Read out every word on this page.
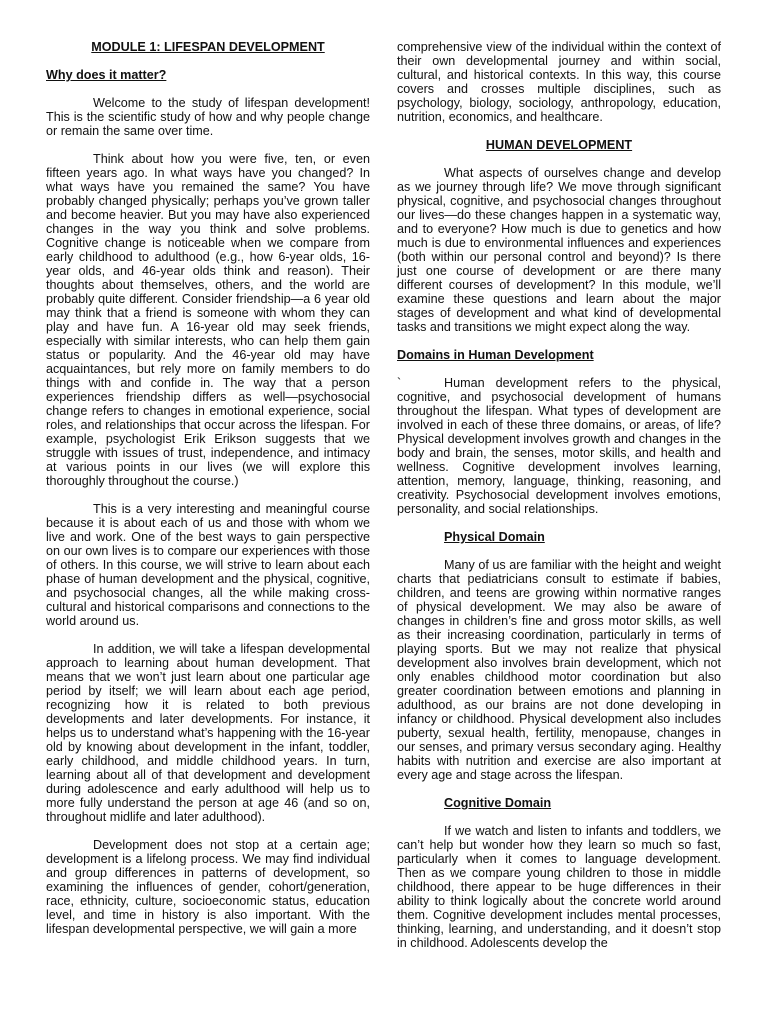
MODULE 1: LIFESPAN DEVELOPMENT
Why does it matter?

Welcome to the study of lifespan development! This is the scientific study of how and why people change or remain the same over time.

Think about how you were five, ten, or even fifteen years ago. In what ways have you changed? In what ways have you remained the same? You have probably changed physically; perhaps you’ve grown taller and become heavier. But you may have also experienced changes in the way you think and solve problems. Cognitive change is noticeable when we compare from early childhood to adulthood (e.g., how 6-year olds, 16-year olds, and 46-year olds think and reason). Their thoughts about themselves, others, and the world are probably quite different. Consider friendship—a 6 year old may think that a friend is someone with whom they can play and have fun. A 16-year old may seek friends, especially with similar interests, who can help them gain status or popularity. And the 46-year old may have acquaintances, but rely more on family members to do things with and confide in. The way that a person experiences friendship differs as well—psychosocial change refers to changes in emotional experience, social roles, and relationships that occur across the lifespan. For example, psychologist Erik Erikson suggests that we struggle with issues of trust, independence, and intimacy at various points in our lives (we will explore this thoroughly throughout the course.)

This is a very interesting and meaningful course because it is about each of us and those with whom we live and work. One of the best ways to gain perspective on our own lives is to compare our experiences with those of others. In this course, we will strive to learn about each phase of human development and the physical, cognitive, and psychosocial changes, all the while making cross-cultural and historical comparisons and connections to the world around us.

In addition, we will take a lifespan developmental approach to learning about human development. That means that we won’t just learn about one particular age period by itself; we will learn about each age period, recognizing how it is related to both previous developments and later developments. For instance, it helps us to understand what’s happening with the 16-year old by knowing about development in the infant, toddler, early childhood, and middle childhood years. In turn, learning about all of that development and development during adolescence and early adulthood will help us to more fully understand the person at age 46 (and so on, throughout midlife and later adulthood).

Development does not stop at a certain age; development is a lifelong process. We may find individual and group differences in patterns of development, so examining the influences of gender, cohort/generation, race, ethnicity, culture, socioeconomic status, education level, and time in history is also important. With the lifespan developmental perspective, we will gain a more

comprehensive view of the individual within the context of their own developmental journey and within social, cultural, and historical contexts. In this way, this course covers and crosses multiple disciplines, such as psychology, biology, sociology, anthropology, education, nutrition, economics, and healthcare.

HUMAN DEVELOPMENT

What aspects of ourselves change and develop as we journey through life? We move through significant physical, cognitive, and psychosocial changes throughout our lives—do these changes happen in a systematic way, and to everyone? How much is due to genetics and how much is due to environmental influences and experiences (both within our personal control and beyond)? Is there just one course of development or are there many different courses of development? In this module, we’ll examine these questions and learn about the major stages of development and what kind of developmental tasks and transitions we might expect along the way.

Domains in Human Development

`	Human development refers to the physical, cognitive, and psychosocial development of humans throughout the lifespan. What types of development are involved in each of these three domains, or areas, of life? Physical development involves growth and changes in the body and brain, the senses, motor skills, and health and wellness. Cognitive development involves learning, attention, memory, language, thinking, reasoning, and creativity. Psychosocial development involves emotions, personality, and social relationships.

Physical Domain

Many of us are familiar with the height and weight charts that pediatricians consult to estimate if babies, children, and teens are growing within normative ranges of physical development. We may also be aware of changes in children’s fine and gross motor skills, as well as their increasing coordination, particularly in terms of playing sports. But we may not realize that physical development also involves brain development, which not only enables childhood motor coordination but also greater coordination between emotions and planning in adulthood, as our brains are not done developing in infancy or childhood. Physical development also includes puberty, sexual health, fertility, menopause, changes in our senses, and primary versus secondary aging. Healthy habits with nutrition and exercise are also important at every age and stage across the lifespan.

Cognitive Domain

If we watch and listen to infants and toddlers, we can’t help but wonder how they learn so much so fast, particularly when it comes to language development. Then as we compare young children to those in middle childhood, there appear to be huge differences in their ability to think logically about the concrete world around them. Cognitive development includes mental processes, thinking, learning, and understanding, and it doesn’t stop in childhood. Adolescents develop the
